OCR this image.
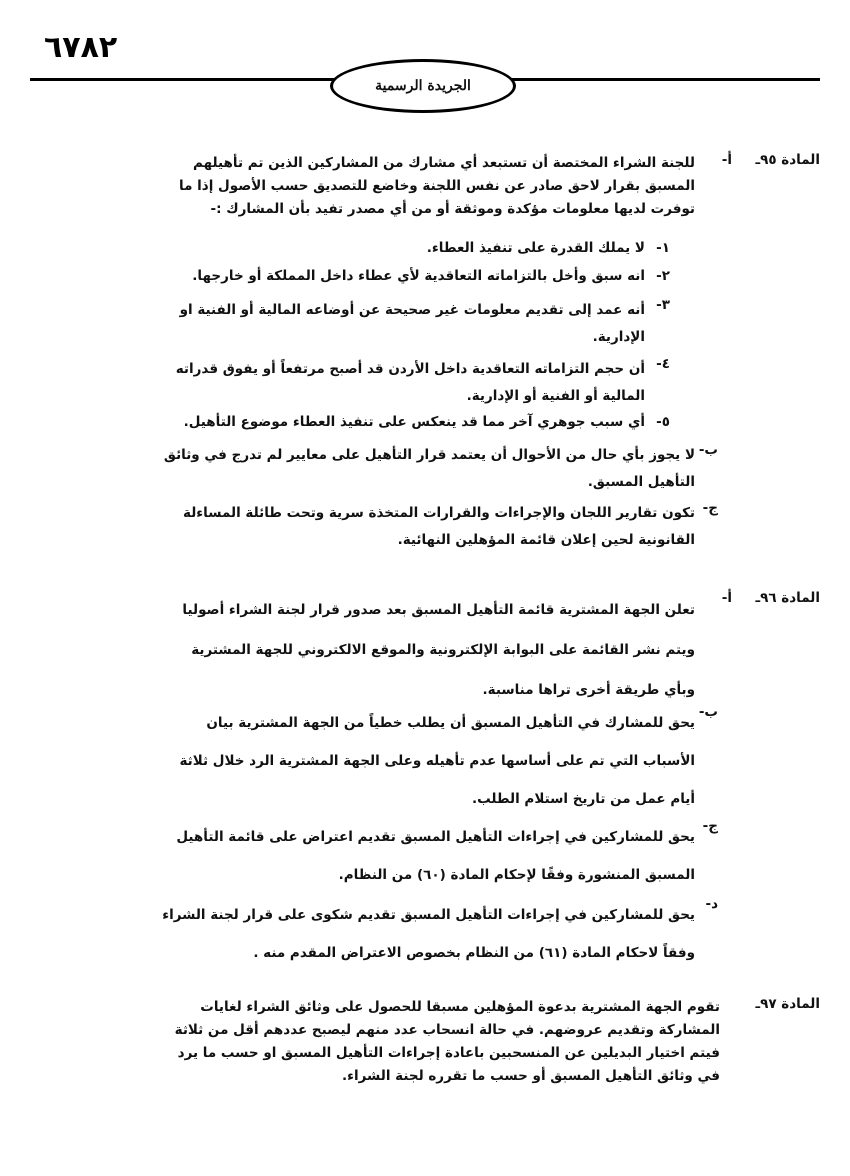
٦٧٨٢
الجريدة الرسمية
المادة ٩٥ـ
أ-
للجنة الشراء المختصة أن تستبعد أي مشارك من المشاركين الذين تم تأهيلهم
المسبق بقرار لاحق صادر عن نفس اللجنة وخاضع للتصديق حسب الأصول إذا ما
توفرت لديها معلومات مؤكدة وموثقة أو من أي مصدر تفيد بأن المشارك :-
١-
لا يملك القدرة على تنفيذ العطاء.
٢-
انه سبق وأخل بالتزاماته التعاقدية لأي عطاء داخل المملكة أو خارجها.
٣-
أنه عمد إلى تقديم معلومات غير صحيحة عن أوضاعه المالية أو الفنية او
الإدارية.
٤-
أن حجم التزاماته التعاقدية داخل الأردن قد أصبح مرتفعاً أو يفوق قدراته
المالية أو الفنية أو الإدارية.
٥-
أي سبب جوهري آخر مما قد ينعكس على تنفيذ العطاء موضوع التأهيل.
ب-
لا يجوز بأي حال من الأحوال أن يعتمد قرار التأهيل على معايير لم تدرج في وثائق
التأهيل المسبق.
ج-
تكون تقارير اللجان والإجراءات والقرارات المتخذة سرية وتحت طائلة المساءلة
القانونية لحين إعلان قائمة المؤهلين النهائية.
المادة ٩٦ـ
أ-
تعلن الجهة المشترية قائمة التأهيل المسبق بعد صدور قرار لجنة الشراء أصوليا
ويتم نشر القائمة على البوابة الإلكترونية والموقع الالكتروني للجهة المشترية
وبأي طريقة أخرى تراها مناسبة.
ب-
يحق للمشارك في التأهيل المسبق أن يطلب خطياً من الجهة المشترية بيان
الأسباب التي تم على أساسها عدم تأهيله وعلى الجهة المشترية الرد خلال ثلاثة
أيام عمل من تاريخ استلام الطلب.
ج-
يحق للمشاركين في إجراءات التأهيل المسبق تقديم اعتراض على قائمة التأهيل
المسبق المنشورة وفقًا لإحكام المادة (٦٠) من النظام.
د-
يحق للمشاركين في إجراءات التأهيل المسبق تقديم شكوى على قرار لجنة الشراء
وفقاً لاحكام المادة (٦١) من النظام بخصوص الاعتراض المقدم منه .
المادة ٩٧ـ
تقوم الجهة المشترية بدعوة المؤهلين مسبقا للحصول على وثائق الشراء لغايات
المشاركة وتقديم عروضهم. في حالة انسحاب عدد منهم ليصبح عددهم أقل من ثلاثة
فيتم اختيار البديلين عن المنسحبين باعادة إجراءات التأهيل المسبق او حسب ما يرد
في وثائق التأهيل المسبق أو حسب ما تقرره لجنة الشراء.
